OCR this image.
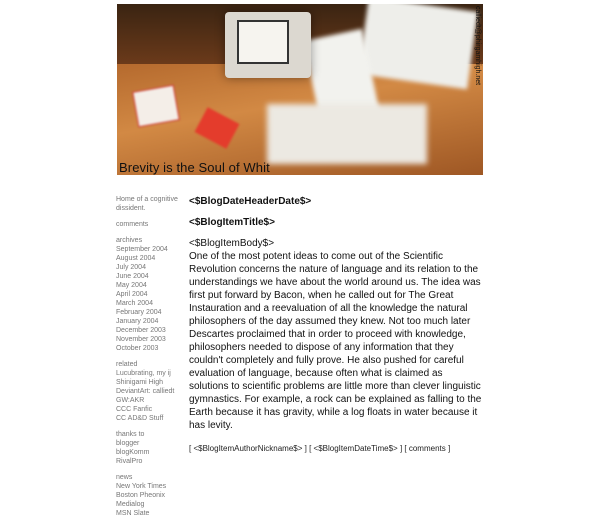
Brevity is the Soul of Whit
calliedt@phirgamhigh.net
Home of a cognitive dissident.
comments
archives
September 2004
August 2004
July 2004
June 2004
May 2004
April 2004
March 2004
February 2004
January 2004
December 2003
November 2003
October 2003
related
Lucubrating, my ij
Shinigami High
DeviantArt: calliedt
GW:AKR
CCC Fanfic
CC AD&D Stuff
thanks to
blogger
blogKomm
RivalPro
news
New York Times
Boston Pheonix
Medialog
MSN Slate
<$BlogDateHeaderDate$>
<$BlogItemTitle$>
<$BlogItemBody$>
One of the most potent ideas to come out of the Scientific Revolution concerns the nature of language and its relation to the understandings we have about the world around us. The idea was first put forward by Bacon, when he called out for The Great Instauration and a reevaluation of all the knowledge the natural philosophers of the day assumed they knew. Not too much later Descartes proclaimed that in order to proceed with knowledge, philosophers needed to dispose of any information that they couldn't completely and fully prove. He also pushed for careful evaluation of language, because often what is claimed as solutions to scientific problems are little more than clever linguistic gymnastics. For example, a rock can be explained as falling to the Earth because it has gravity, while a log floats in water because it has levity.
[ <$BlogItemAuthorNickname$> ] [ <$BlogItemDateTime$> ] [ comments ]
